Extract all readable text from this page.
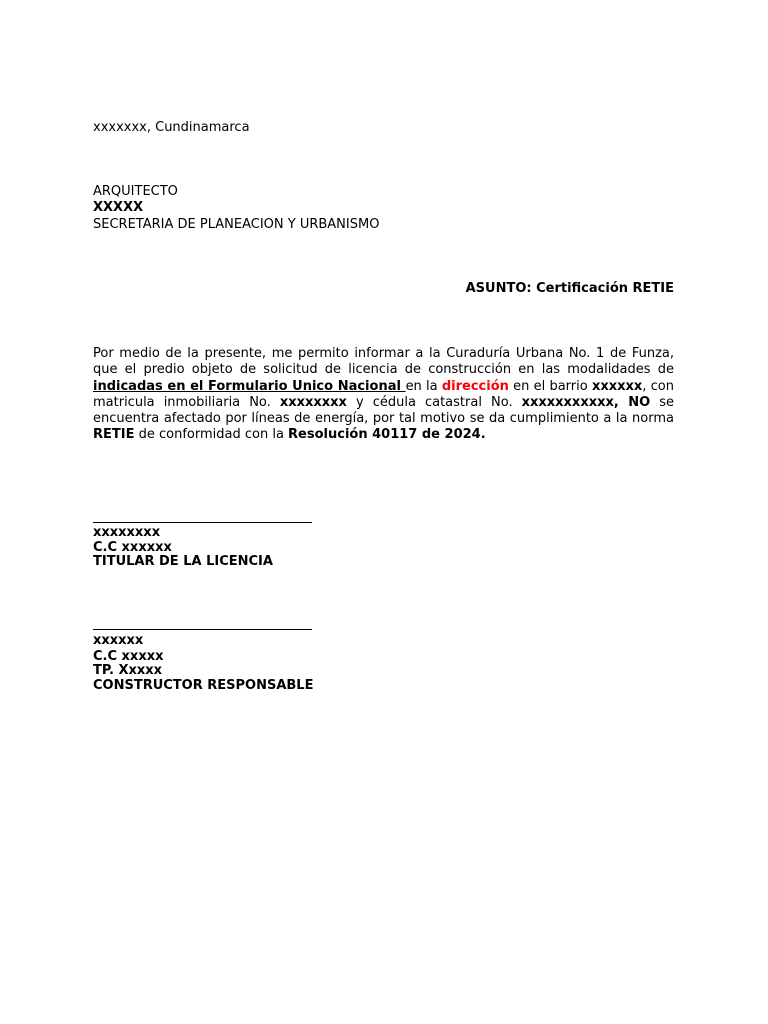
xxxxxxx, Cundinamarca
ARQUITECTO
XXXXX
SECRETARIA DE PLANEACION Y URBANISMO
ASUNTO: Certificación RETIE
Por medio de la presente, me permito informar a la Curaduría Urbana No. 1 de Funza, que el predio objeto de solicitud de licencia de construcción en las modalidades de indicadas en el Formulario Unico Nacional en la dirección en el barrio xxxxxx, con matricula inmobiliaria No. xxxxxxxx y cédula catastral No. xxxxxxxxxxx, NO se encuentra afectado por líneas de energía, por tal motivo se da cumplimiento a la norma RETIE de conformidad con la Resolución 40117 de 2024.
xxxxxxxx
C.C xxxxxx
TITULAR DE LA LICENCIA
xxxxxx
C.C xxxxx
TP. Xxxxx
CONSTRUCTOR RESPONSABLE
